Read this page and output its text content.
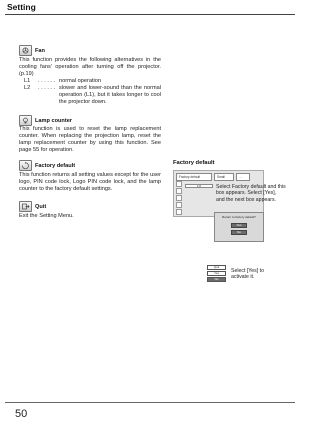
Setting
Fan
This function provides the following alternatives in the cooling fans' operation after turning off the projector. (p.19)
L1	. . . . . . normal operation
L2	. . . . . . slower and lower-sound than the normal operation (L1), but it takes longer to cool the projector down.
Lamp counter
This function is used to reset the lamp replacement counter. When replacing the projection lamp, reset the lamp replacement counter by using this function. See page 55 for operation.
Factory default
This function returns all setting values except for the user logo, PIN code lock, Logo PIN code lock, and the lamp counter to the factory default settings.
Quit
Exit the Setting Menu.
Factory default
Factory default	Small	...
1/2	Select Factory default and this box appears. Select [Yes], and the next box appears.
Return to factory default?
Yes
No
Quit
Yes
No
Select [Yes] to activate it.
50
